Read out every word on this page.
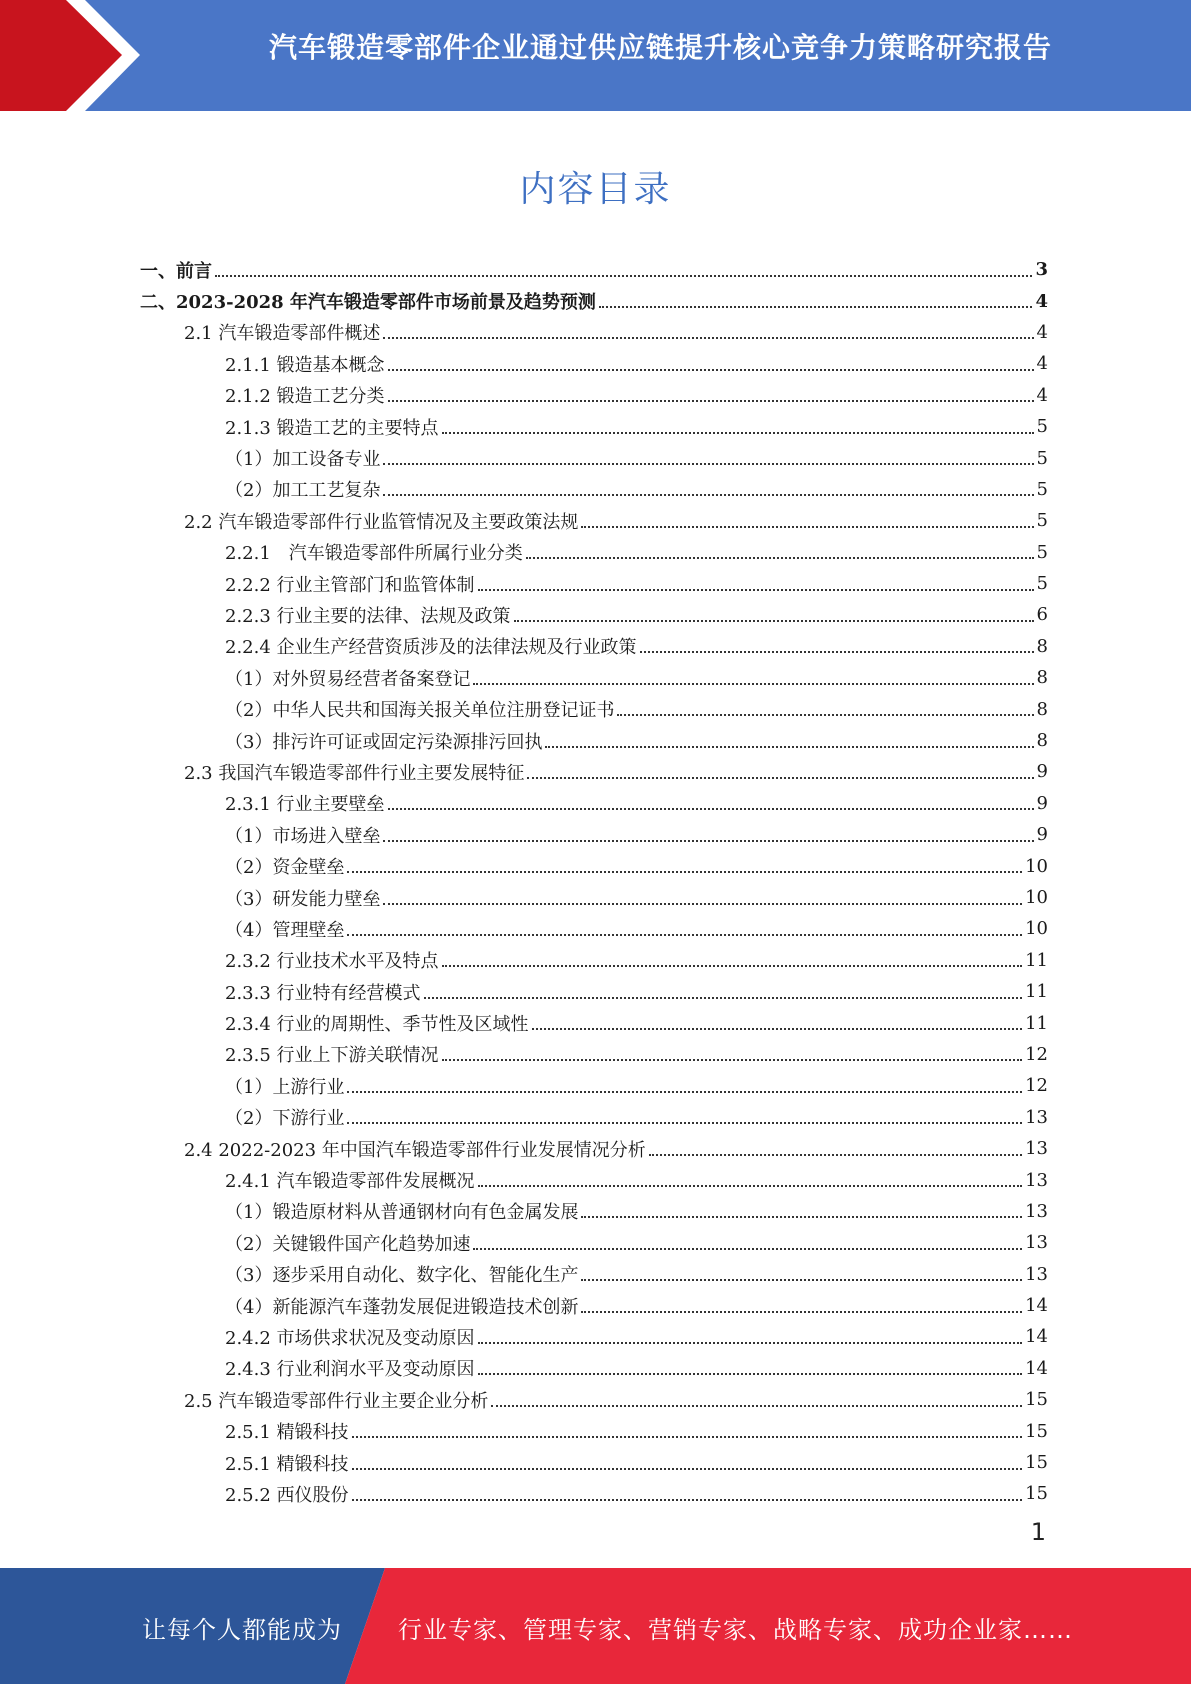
汽车锻造零部件企业通过供应链提升核心竞争力策略研究报告
内容目录
一、前言	3
二、2023-2028 年汽车锻造零部件市场前景及趋势预测	4
2.1 汽车锻造零部件概述	4
2.1.1 锻造基本概念	4
2.1.2 锻造工艺分类	4
2.1.3 锻造工艺的主要特点	5
（1）加工设备专业	5
（2）加工工艺复杂	5
2.2 汽车锻造零部件行业监管情况及主要政策法规	5
2.2.1　汽车锻造零部件所属行业分类	5
2.2.2 行业主管部门和监管体制	5
2.2.3 行业主要的法律、法规及政策	6
2.2.4 企业生产经营资质涉及的法律法规及行业政策	8
（1）对外贸易经营者备案登记	8
（2）中华人民共和国海关报关单位注册登记证书	8
（3）排污许可证或固定污染源排污回执	8
2.3 我国汽车锻造零部件行业主要发展特征	9
2.3.1 行业主要壁垒	9
（1）市场进入壁垒	9
（2）资金壁垒	10
（3）研发能力壁垒	10
（4）管理壁垒	10
2.3.2 行业技术水平及特点	11
2.3.3 行业特有经营模式	11
2.3.4 行业的周期性、季节性及区域性	11
2.3.5 行业上下游关联情况	12
（1）上游行业	12
（2）下游行业	13
2.4 2022-2023 年中国汽车锻造零部件行业发展情况分析	13
2.4.1 汽车锻造零部件发展概况	13
（1）锻造原材料从普通钢材向有色金属发展	13
（2）关键锻件国产化趋势加速	13
（3）逐步采用自动化、数字化、智能化生产	13
（4）新能源汽车蓬勃发展促进锻造技术创新	14
2.4.2 市场供求状况及变动原因	14
2.4.3 行业利润水平及变动原因	14
2.5 汽车锻造零部件行业主要企业分析	15
2.5.1 精锻科技	15
2.5.1 精锻科技	15
2.5.2 西仪股份	15
1
让每个人都能成为 行业专家、管理专家、营销专家、战略专家、成功企业家……
